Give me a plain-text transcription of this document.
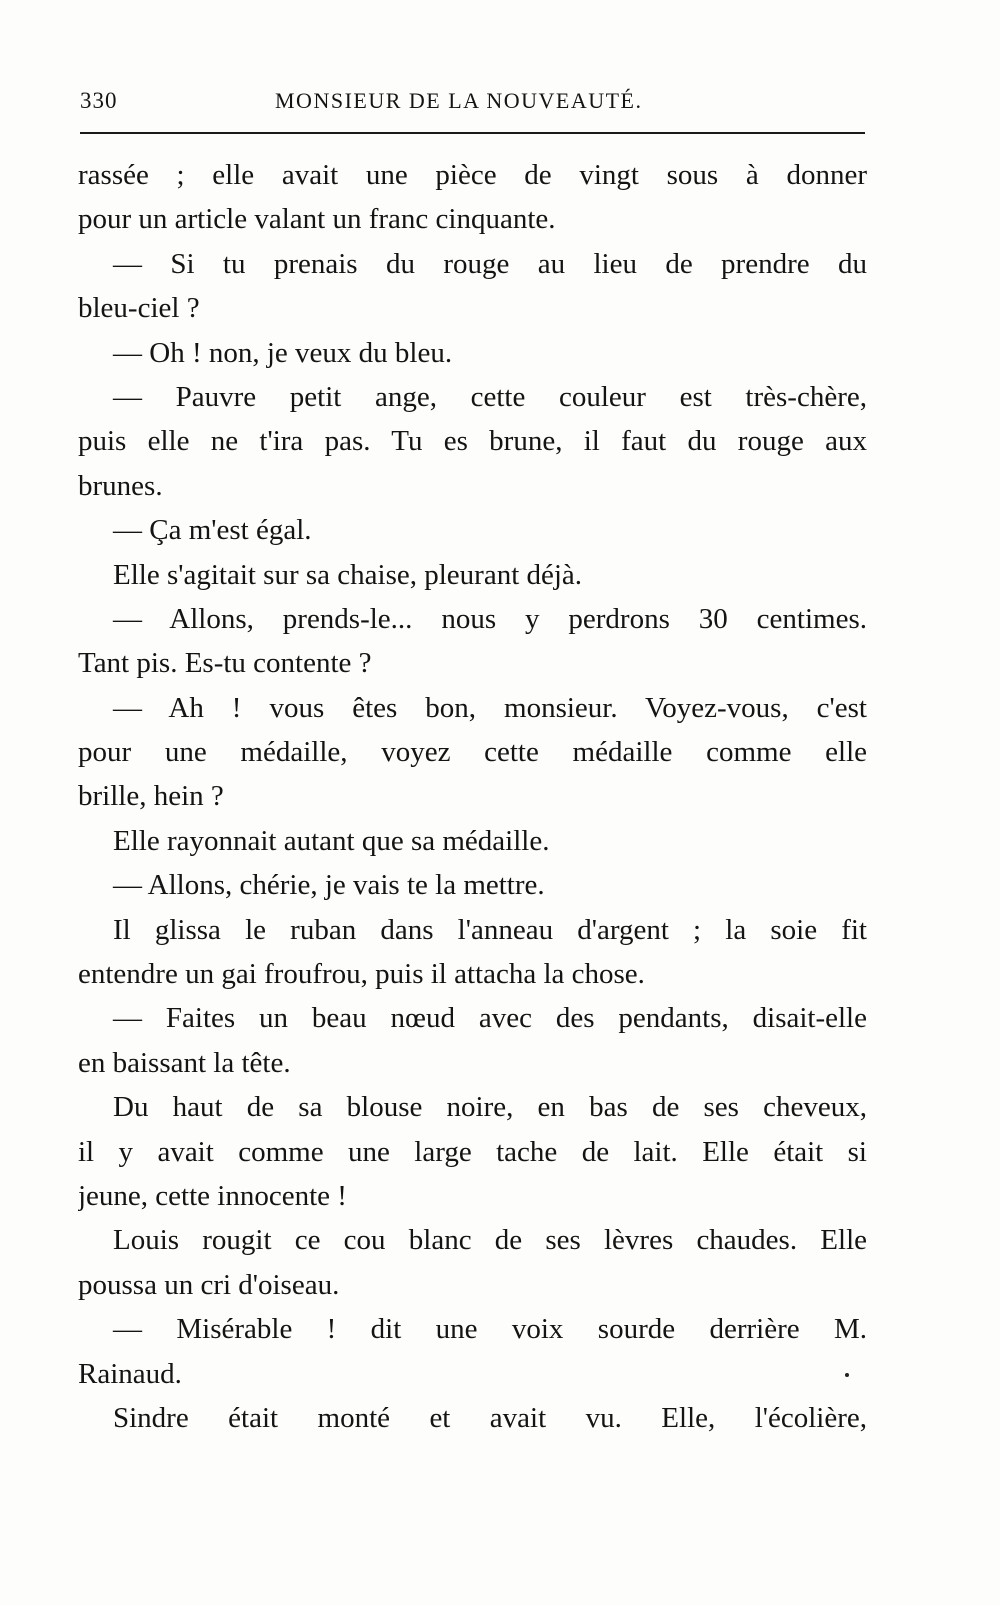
330	MONSIEUR DE LA NOUVEAUTÉ.
rassée ; elle avait une pièce de vingt sous à donner
pour un article valant un franc cinquante.
— Si tu prenais du rouge au lieu de prendre du
bleu-ciel ?
— Oh ! non, je veux du bleu.
— Pauvre petit ange, cette couleur est très-chère,
puis elle ne t'ira pas. Tu es brune, il faut du rouge aux
brunes.
— Ça m'est égal.
Elle s'agitait sur sa chaise, pleurant déjà.
— Allons, prends-le... nous y perdrons 30 centimes.
Tant pis. Es-tu contente ?
— Ah ! vous êtes bon, monsieur. Voyez-vous, c'est
pour une médaille, voyez cette médaille comme elle
brille, hein ?
Elle rayonnait autant que sa médaille.
— Allons, chérie, je vais te la mettre.
Il glissa le ruban dans l'anneau d'argent ; la soie fit
entendre un gai froufrou, puis il attacha la chose.
— Faites un beau nœud avec des pendants, disait-elle
en baissant la tête.
Du haut de sa blouse noire, en bas de ses cheveux,
il y avait comme une large tache de lait. Elle était si
jeune, cette innocente !
Louis rougit ce cou blanc de ses lèvres chaudes. Elle
poussa un cri d'oiseau.
— Misérable ! dit une voix sourde derrière M.
Rainaud.
Sindre était monté et avait vu. Elle, l'écolière,
